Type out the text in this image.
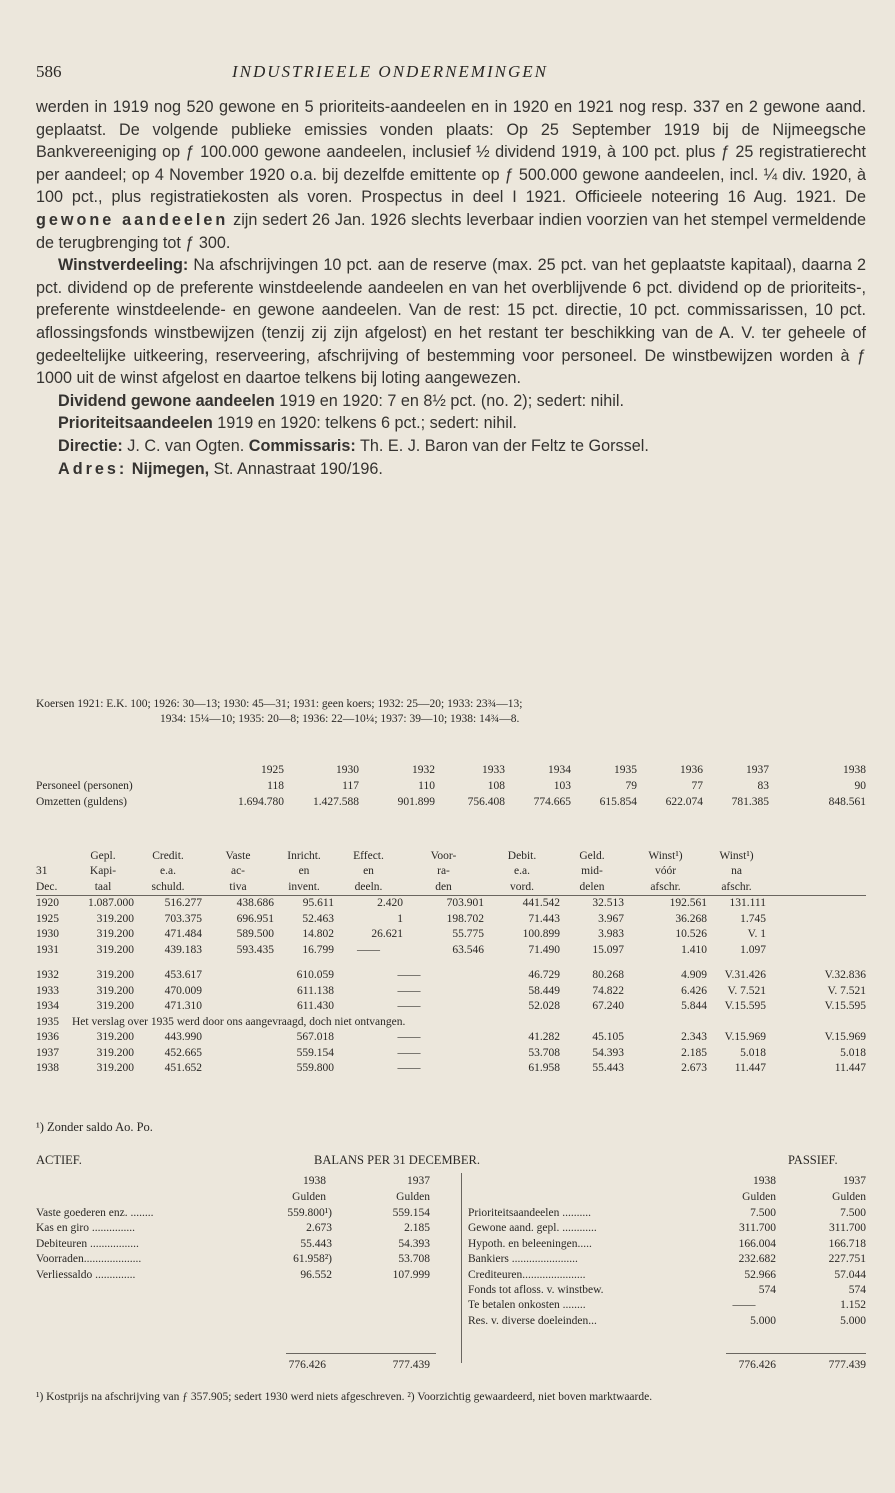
586	INDUSTRIEELE ONDERNEMINGEN

werden in 1919 nog 520 gewone en 5 prioriteits-aandeelen en in 1920 en 1921 nog resp. 337 en 2 gewone aand. geplaatst. De volgende publieke emissies vonden plaats: Op 25 September 1919 bij de Nijmeegsche Bankvereeniging op ƒ 100.000 gewone aandeelen, inclusief ½ dividend 1919, à 100 pct. plus ƒ 25 registratierecht per aandeel; op 4 November 1920 o.a. bij dezelfde emittente op ƒ 500.000 gewone aandeelen, incl. ¼ div. 1920, à 100 pct., plus registratiekosten als voren. Prospectus in deel I 1921. Officieele noteering 16 Aug. 1921. De gewone aandeelen zijn sedert 26 Jan. 1926 slechts leverbaar indien voorzien van het stempel vermeldende de terugbrenging tot ƒ 300.

Winstverdeeling: Na afschrijvingen 10 pct. aan de reserve (max. 25 pct. van het geplaatste kapitaal), daarna 2 pct. dividend op de preferente winstdeelende aandeelen en van het overblijvende 6 pct. dividend op de prioriteits-, preferente winstdeelende- en gewone aandeelen. Van de rest: 15 pct. directie, 10 pct. commissarissen, 10 pct. aflossingsfonds winstbewijzen (tenzij zij zijn afgelost) en het restant ter beschikking van de A. V. ter geheele of gedeeltelijke uitkeering, reserveering, afschrijving of bestemming voor personeel. De winstbewijzen worden à ƒ 1000 uit de winst afgelost en daartoe telkens bij loting aangewezen.

Dividend gewone aandeelen 1919 en 1920: 7 en 8½ pct. (no. 2); sedert: nihil.

Prioriteitsaandeelen 1919 en 1920: telkens 6 pct.; sedert: nihil.

Directie: J. C. van Ogten. Commissaris: Th. E. J. Baron van der Feltz te Gorssel.

Adres: Nijmegen, St. Annastraat 190/196.

Koersen 1921: E.K. 100; 1926: 30—13; 1930: 45—31; 1931: geen koers; 1932: 25—20; 1933: 23¾—13;
1934: 15¼—10; 1935: 20—8; 1936: 22—10¼; 1937: 39—10; 1938: 14¾—8.
	1925	1930	1932	1933	1934	1935	1936	1937	1938
Personeel (personen)	118	117	110	108	103	79	77	83	90
Omzetten (guldens)	1.694.780	1.427.588	901.899	756.408	774.665	615.854	622.074	781.385	848.561
	Gepl.	Credit.	Vaste	Inricht.	Effect.	Voor-	Debit.	Geld.	Winst¹)	Winst¹)	
31	Kapi-	e.a.	ac-	en	en	ra-	e.a.	mid-	vóór	na	
Dec.	taal	schuld.	tiva	invent.	deeln.	den	vord.	delen	afschr.	afschr.	
1920	1.087.000	516.277	438.686	95.611	2.420	703.901	441.542	32.513	192.561	131.111	
1925	319.200	703.375	696.951	52.463	1	198.702	71.443	3.967	36.268	1.745	
1930	319.200	471.484	589.500	14.802	26.621	55.775	100.899	3.983	10.526	V. 1	
1931	319.200	439.183	593.435	16.799	——	63.546	71.490	15.097	1.410	1.097	

1932	319.200	453.617	610.059		——		46.729	80.268	4.909	V.31.426	V.32.836
1933	319.200	470.009	611.138		——		58.449	74.822	6.426	V. 7.521	V. 7.521
1934	319.200	471.310	611.430		——		52.028	67.240	5.844	V.15.595	V.15.595
1935	Het verslag over 1935 werd door ons aangevraagd, doch niet ontvangen.										
1936	319.200	443.990	567.018		——		41.282	45.105	2.343	V.15.969	V.15.969
1937	319.200	452.665	559.154		——		53.708	54.393	2.185	5.018	5.018
1938	319.200	451.652	559.800		——		61.958	55.443	2.673	11.447	11.447
¹) Zonder saldo Ao. Po.
ACTIEF.	BALANS PER 31 DECEMBER.	PASSIEF.
1938	1937
Gulden	Gulden
1938	1937
Gulden	Gulden
Vaste goederen enz. ........	559.800¹)	559.154
Kas en giro ...............	2.673	2.185
Debiteuren .................	55.443	54.393
Voorraden....................	61.958²)	53.708
Verliessaldo ..............	96.552	107.999
Prioriteitsaandeelen ..........	7.500	7.500
Gewone aand. gepl. ............	311.700	311.700
Hypoth. en beleeningen.....	166.004	166.718
Bankiers .......................	232.682	227.751
Crediteuren......................	52.966	57.044
Fonds tot afloss. v. winstbew.	574	574
Te betalen onkosten ........	——	1.152
Res. v. diverse doeleinden...	5.000	5.000
776.426	777.439	776.426	777.439
¹) Kostprijs na afschrijving van ƒ 357.905; sedert 1930 werd niets afgeschreven. ²) Voorzichtig gewaardeerd, niet boven marktwaarde.
